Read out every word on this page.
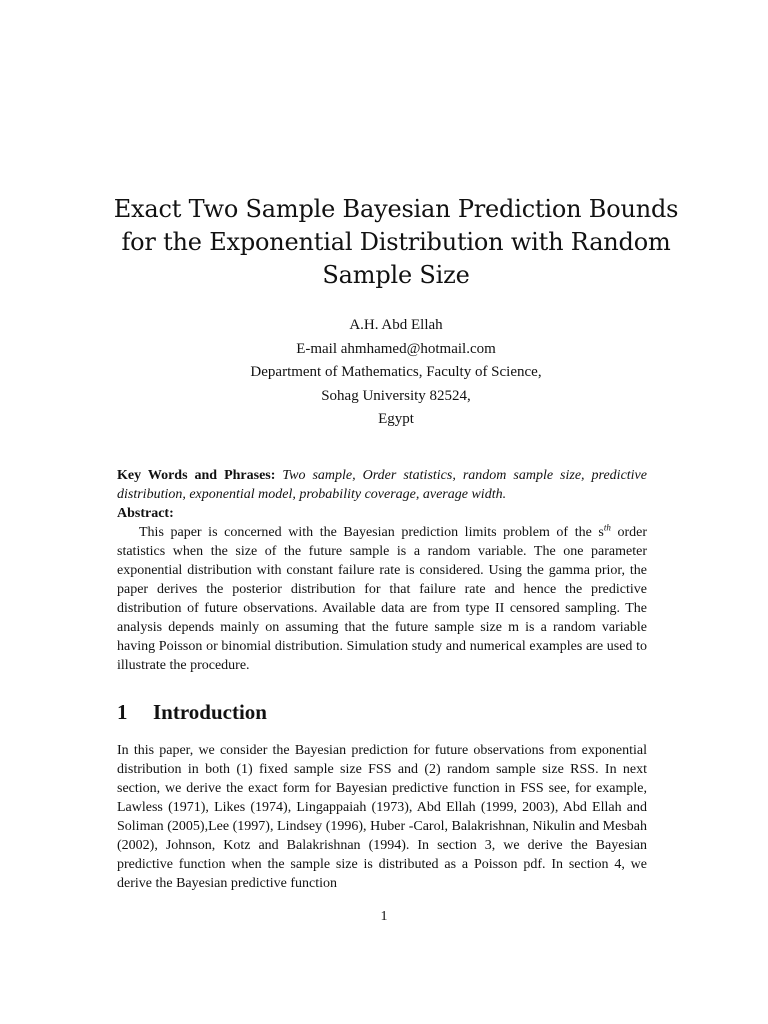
Exact Two Sample Bayesian Prediction Bounds for the Exponential Distribution with Random Sample Size
A.H. Abd Ellah
E-mail ahmhamed@hotmail.com
Department of Mathematics, Faculty of Science,
Sohag University 82524,
Egypt
Key Words and Phrases: Two sample, Order statistics, random sample size, predictive distribution, exponential model, probability coverage, average width.
Abstract:

This paper is concerned with the Bayesian prediction limits problem of the $s^{th}$ order statistics when the size of the future sample is a random variable. The one parameter exponential distribution with constant failure rate is considered. Using the gamma prior, the paper derives the posterior distribution for that failure rate and hence the predictive distribution of future observations. Available data are from type II censored sampling. The analysis depends mainly on assuming that the future sample size m is a random variable having Poisson or binomial distribution. Simulation study and numerical examples are used to illustrate the procedure.

1 Introduction

In this paper, we consider the Bayesian prediction for future observations from exponential distribution in both (1) fixed sample size FSS and (2) random sample size RSS. In next section, we derive the exact form for Bayesian predictive function in FSS see, for example, Lawless (1971), Likes (1974), Lingappaiah (1973), Abd Ellah (1999, 2003), Abd Ellah and Soliman (2005),Lee (1997), Lindsey (1996), Huber -Carol, Balakrishnan, Nikulin and Mesbah (2002), Johnson, Kotz and Balakrishnan (1994). In section 3, we derive the Bayesian predictive function when the sample size is distributed as a Poisson pdf. In section 4, we derive the Bayesian predictive function

1
